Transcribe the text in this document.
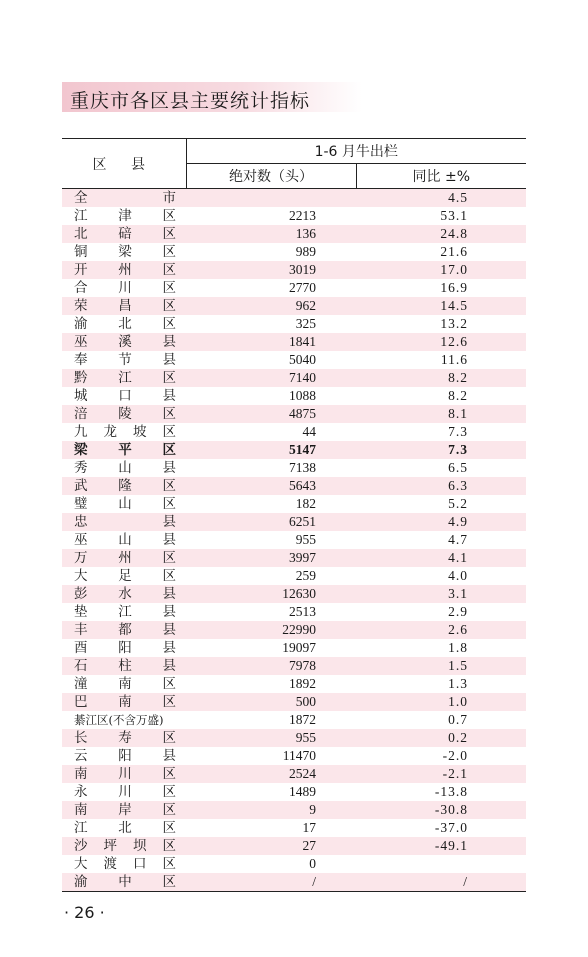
重庆市各区县主要统计指标
区 县	1-6 月牛出栏	
	绝对数（头）	同比 ±%

全 市		4.5

江 津 区	2213	53.1

北 碚 区	136	24.8

铜 梁 区	989	21.6

开 州 区	3019	17.0

合 川 区	2770	16.9

荣 昌 区	962	14.5

渝 北 区	325	13.2

巫 溪 县	1841	12.6

奉 节 县	5040	11.6

黔 江 区	7140	8.2

城 口 县	1088	8.2

涪 陵 区	4875	8.1

九 龙 坡 区	44	7.3

梁 平 区	5147	7.3

秀 山 县	7138	6.5

武 隆 区	5643	6.3

璧 山 区	182	5.2

忠 县	6251	4.9

巫 山 县	955	4.7

万 州 区	3997	4.1

大 足 区	259	4.0

彭 水 县	12630	3.1

垫 江 县	2513	2.9

丰 都 县	22990	2.6

酉 阳 县	19097	1.8

石 柱 县	7978	1.5

潼 南 区	1892	1.3

巴 南 区	500	1.0

綦江区(不含万盛)	1872	0.7

长 寿 区	955	0.2

云 阳 县	11470	-2.0

南 川 区	2524	-2.1

永 川 区	1489	-13.8

南 岸 区	9	-30.8

江 北 区	17	-37.0

沙 坪 坝 区	27	-49.1

大 渡 口 区	0	

渝 中 区	/	/
· 26 ·
